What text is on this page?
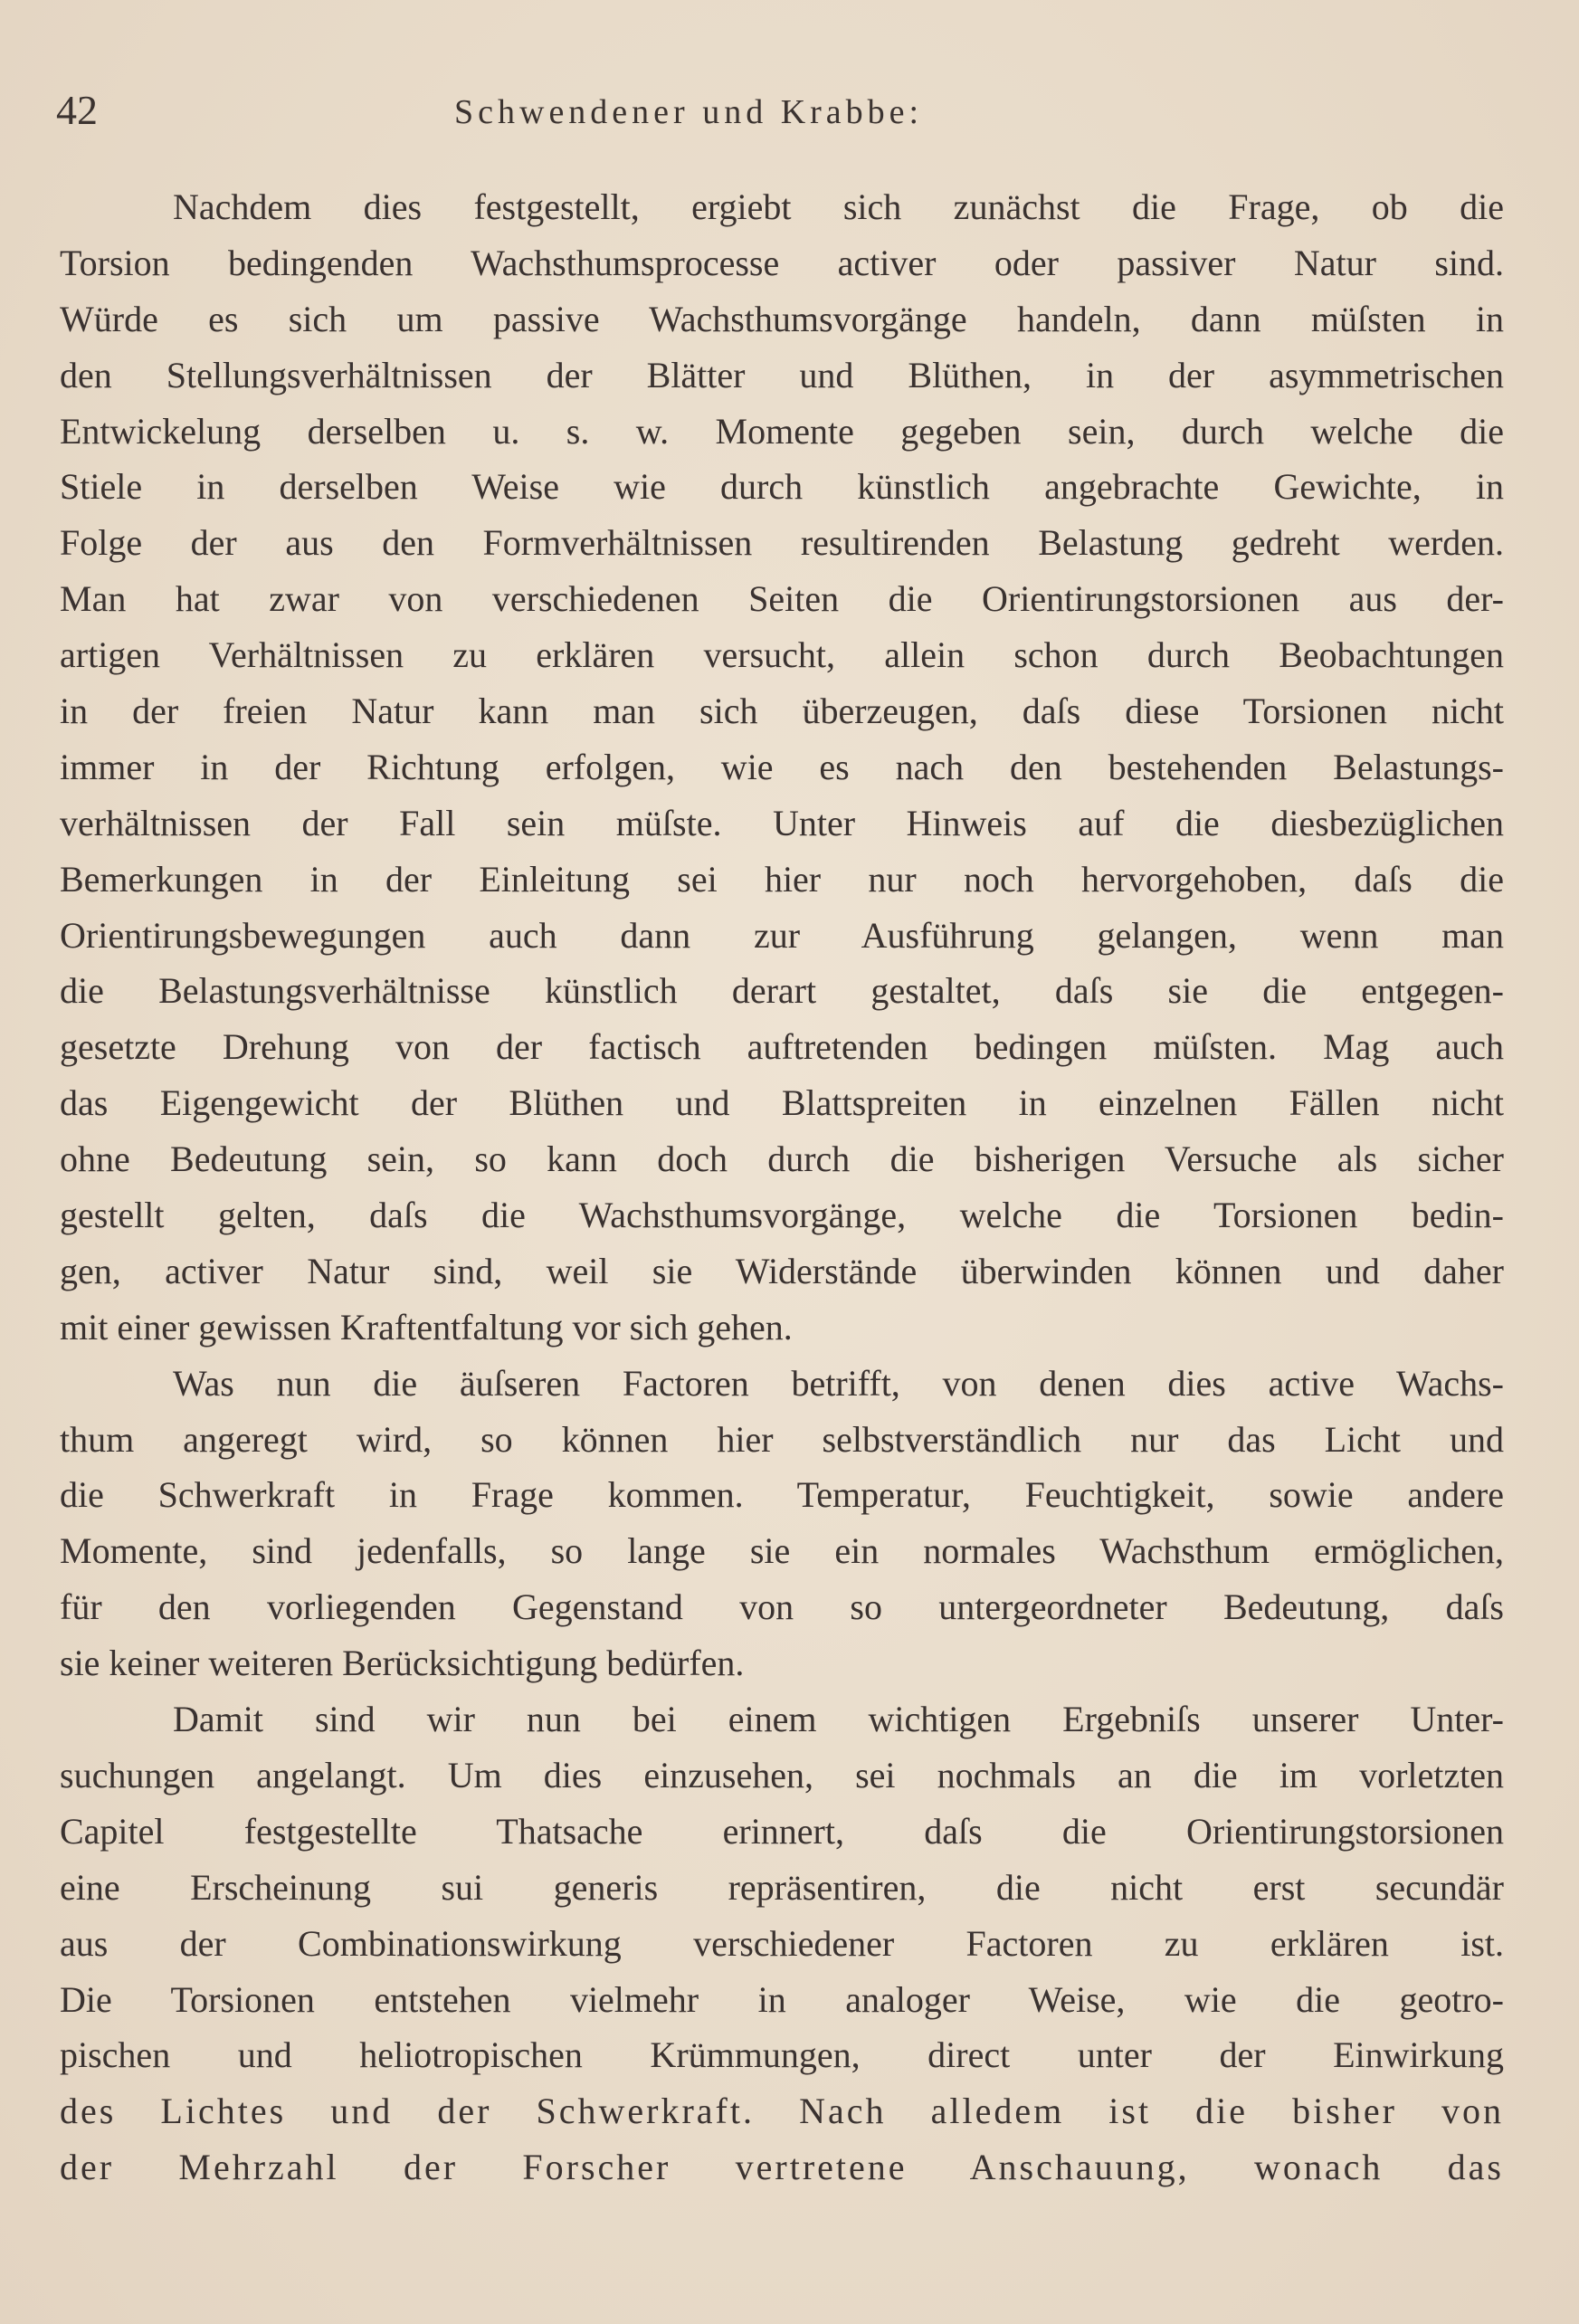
42	Schwendener und Krabbe:
Nachdem dies festgestellt, ergiebt sich zunächst die Frage, ob die
Torsion bedingenden Wachsthumsprocesse activer oder passiver Natur sind.
Würde es sich um passive Wachsthumsvorgänge handeln, dann müſsten in
den Stellungsverhältnissen der Blätter und Blüthen, in der asymmetrischen
Entwickelung derselben u. s. w. Momente gegeben sein, durch welche die
Stiele in derselben Weise wie durch künstlich angebrachte Gewichte, in
Folge der aus den Formverhältnissen resultirenden Belastung gedreht werden.
Man hat zwar von verschiedenen Seiten die Orientirungstorsionen aus der-
artigen Verhältnissen zu erklären versucht, allein schon durch Beobachtungen
in der freien Natur kann man sich überzeugen, daſs diese Torsionen nicht
immer in der Richtung erfolgen, wie es nach den bestehenden Belastungs-
verhältnissen der Fall sein müſste. Unter Hinweis auf die diesbezüglichen
Bemerkungen in der Einleitung sei hier nur noch hervorgehoben, daſs die
Orientirungsbewegungen auch dann zur Ausführung gelangen, wenn man
die Belastungsverhältnisse künstlich derart gestaltet, daſs sie die entgegen-
gesetzte Drehung von der factisch auftretenden bedingen müſsten. Mag auch
das Eigengewicht der Blüthen und Blattspreiten in einzelnen Fällen nicht
ohne Bedeutung sein, so kann doch durch die bisherigen Versuche als sicher
gestellt gelten, daſs die Wachsthumsvorgänge, welche die Torsionen bedin-
gen, activer Natur sind, weil sie Widerstände überwinden können und daher
mit einer gewissen Kraftentfaltung vor sich gehen.
Was nun die äuſseren Factoren betrifft, von denen dies active Wachs-
thum angeregt wird, so können hier selbstverständlich nur das Licht und
die Schwerkraft in Frage kommen. Temperatur, Feuchtigkeit, sowie andere
Momente, sind jedenfalls, so lange sie ein normales Wachsthum ermöglichen,
für den vorliegenden Gegenstand von so untergeordneter Bedeutung, daſs
sie keiner weiteren Berücksichtigung bedürfen.
Damit sind wir nun bei einem wichtigen Ergebniſs unserer Unter-
suchungen angelangt. Um dies einzusehen, sei nochmals an die im vorletzten
Capitel festgestellte Thatsache erinnert, daſs die Orientirungstorsionen
eine Erscheinung sui generis repräsentiren, die nicht erst secundär
aus der Combinationswirkung verschiedener Factoren zu erklären ist.
Die Torsionen entstehen vielmehr in analoger Weise, wie die geotro-
pischen und heliotropischen Krümmungen, direct unter der Einwirkung
des Lichtes und der Schwerkraft. Nach alledem ist die bisher von
der Mehrzahl der Forscher vertretene Anschauung, wonach das
